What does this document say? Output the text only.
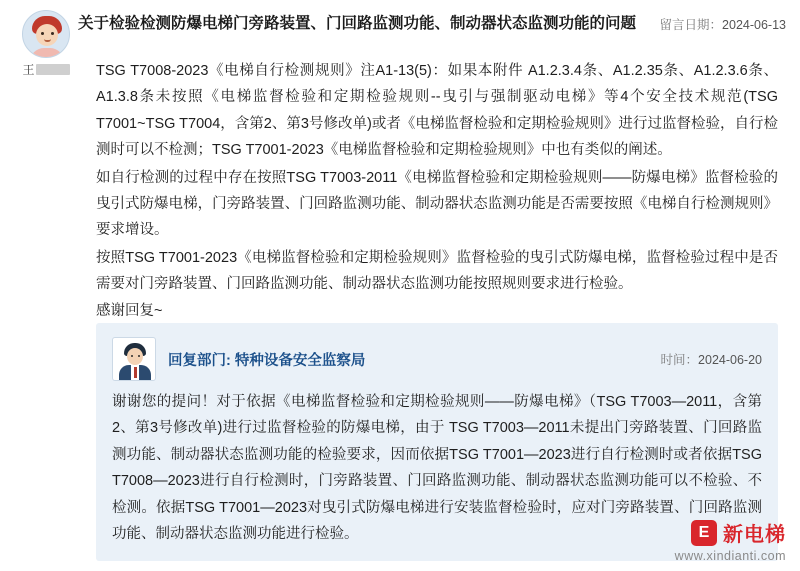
王
关于检验检测防爆电梯门旁路装置、门回路监测功能、制动器状态监测功能的问题	留言日期：2024-06-13

TSG T7008-2023《电梯自行检测规则》注A1-13(5)：如果本附件 A1.2.3.4条、A1.2.35条、A1.2.3.6条、A1.3.8条未按照《电梯监督检验和定期检验规则--曳引与强制驱动电梯》等4个安全技术规范(TSG T7001~TSG T7004，含第2、第3号修改单)或者《电梯监督检验和定期检验规则》进行过监督检验，自行检测时可以不检测；TSG T7001-2023《电梯监督检验和定期检验规则》中也有类似的阐述。

如自行检测的过程中存在按照TSG T7003-2011《电梯监督检验和定期检验规则——防爆电梯》监督检验的曳引式防爆电梯，门旁路装置、门回路监测功能、制动器状态监测功能是否需要按照《电梯自行检测规则》要求增设。

按照TSG T7001-2023《电梯监督检验和定期检验规则》监督检验的曳引式防爆电梯，监督检验过程中是否需要对门旁路装置、门回路监测功能、制动器状态监测功能按照规则要求进行检验。

感谢回复~

回复部门: 特种设备安全监察局	时间：2024-06-20
谢谢您的提问！对于依据《电梯监督检验和定期检验规则——防爆电梯》（TSG T7003—2011，含第2、第3号修改单)进行过监督检验的防爆电梯，由于 TSG T7003—2011未提出门旁路装置、门回路监测功能、制动器状态监测功能的检验要求，因而依据TSG T7001—2023进行自行检测时或者依据TSG T7008—2023进行自行检测时，门旁路装置、门回路监测功能、制动器状态监测功能可以不检验、不检测。依据TSG T7001—2023对曳引式防爆电梯进行安装监督检验时，应对门旁路装置、门回路监测功能、制动器状态监测功能进行检验。	E 新电梯
www.xindianti.com
